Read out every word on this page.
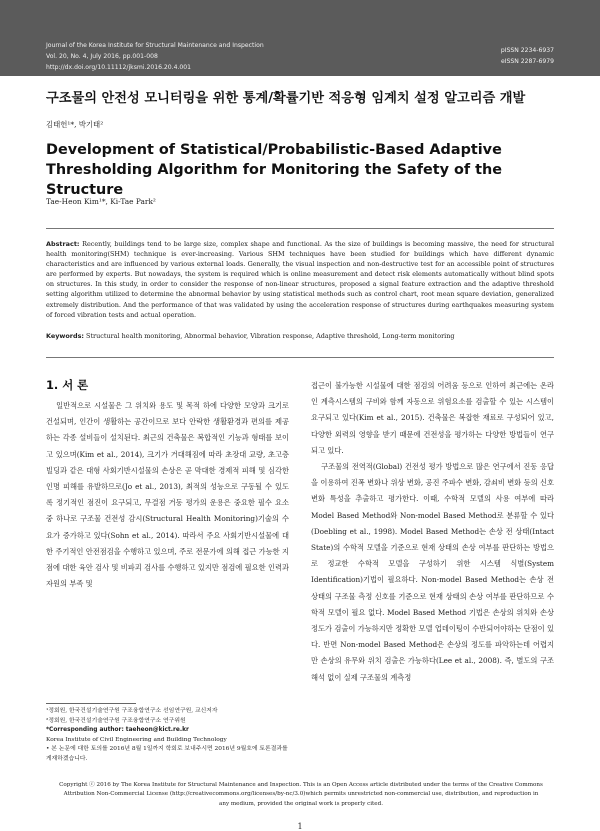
Journal of the Korea Institute for Structural Maintenance and Inspection
Vol. 20, No. 4, July 2016, pp.001-008
http://dx.doi.org/10.11112/jksmi.2016.20.4.001
pISSN 2234-6937
eISSN 2287-6979
구조물의 안전성 모니터링을 위한 통계/확률기반 적응형 임계치 설정 알고리즘 개발
김태헌¹*, 박기태²
Development of Statistical/Probabilistic-Based Adaptive Thresholding Algorithm for Monitoring the Safety of the Structure
Tae-Heon Kim¹*, Ki-Tae Park²
Abstract: Recently, buildings tend to be large size, complex shape and functional. As the size of buildings is becoming massive, the need for structural health monitoring(SHM) technique is ever-increasing. Various SHM techniques have been studied for buildings which have different dynamic characteristics and are influenced by various external loads. Generally, the visual inspection and non-destructive test for an accessible point of structures are performed by experts. But nowadays, the system is required which is online measurement and detect risk elements automatically without blind spots on structures. In this study, in order to consider the response of non-linear structures, proposed a signal feature extraction and the adaptive threshold setting algorithm utilized to determine the abnormal behavior by using statistical methods such as control chart, root mean square deviation, generalized extremely distribution. And the performance of that was validated by using the acceleration response of structures during earthquakes measuring system of forced vibration tests and actual operation.
Keywords: Structural health monitoring, Abnormal behavior, Vibration response, Adaptive threshold, Long-term monitoring
1. 서 론

일반적으로 시설물은 그 위치와 용도 및 목적 하에 다양한 모양과 크기로 건설되며, 인간이 생활하는 공간이므로 보다 안락한 생활환경과 편의를 제공하는 각종 설비들이 설치된다. 최근의 건축물은 복합적인 기능과 형태를 보이고 있으며(Kim et al., 2014), 크기가 거대해짐에 따라 초장대 교량, 초고층 빌딩과 같은 대형 사회기반시설물의 손상은 곧 막대한 경제적 피해 및 심각한 인명 피해를 유발하므로(Jo et al., 2013), 최적의 성능으로 구동될 수 있도록 정기적인 점진이 요구되고, 무결점 거동 평가의 운용은 중요한 필수 요소 중 하나로 구조물 건전성 감시(Structural Health Monitoring)기술의 수요가 증가하고 있다(Sohn et al., 2014). 따라서 주요 사회기반시설물에 대한 주기적인 안전점검을 수행하고 있으며, 주로 전문가에 의해 접근 가능한 지점에 대한 육안 검사 및 비파괴 검사를 수행하고 있지만 점검에 필요한 인력과 자원의 부족 및

접근이 불가능한 시설물에 대한 점검의 어려움 등으로 인하여 최근에는 온라인 계측시스템의 구비와 함께 자동으로 위험요소를 검출할 수 있는 시스템이 요구되고 있다(Kim et al., 2015). 건축물은 복잡한 재료로 구성되어 있고, 다양한 외력의 영향을 받기 때문에 건전성을 평가하는 다양한 방법들이 연구되고 있다.

구조물의 전역적(Global) 건전성 평가 방법으로 많은 연구에서 진동 응답을 이용하여 진폭 변화나 위상 변화, 공진 주파수 변화, 감쇠비 변화 등의 신호 변화 특성을 추출하고 평가한다. 이때, 수학적 모델의 사용 여부에 따라 Model Based Method와 Non-model Based Method로 분류할 수 있다(Doebling et al., 1998). Model Based Method는 손상 전 상태(Intact State)의 수학적 모델을 기준으로 현재 상태의 손상 여부를 판단하는 방법으로 정교한 수학적 모델을 구성하기 위한 시스템 식별(System Identification)기법이 필요하다. Non-model Based Method는 손상 전 상태의 구조물 측정 신호를 기준으로 현재 상태의 손상 여부를 판단하므로 수학적 모델이 필요 없다. Model Based Method 기법은 손상의 위치와 손상 정도가 검출이 가능하지만 정확한 모델 업데이팅이 수반되어야하는 단점이 있다. 반면 Non-model Based Method은 손상의 정도를 파악하는데 어렵지만 손상의 유무와 위치 검출은 가능하다(Lee et al., 2008). 즉, 별도의 구조해석 없이 실제 구조물의 계측정

¹정회원, 한국건설기술연구원 구조융합연구소 선임연구원, 교신저자
²정회원, 한국건설기술연구원 구조융합연구소 연구위원
*Corresponding author: taeheon@kict.re.kr
Korea Institute of Civil Engineering and Building Technology
• 본 논문에 대한 토의를 2016년 8월 1일까지 학회로 보내주시면 2016년 9월호에 토론결과를 게재하겠습니다.
Copyright ⓒ 2016 by The Korea Institute for Structural Maintenance and Inspection. This is an Open Access article distributed under the terms of the Creative Commons Attribution Non-Commercial License (http://creativecommons.org/licenses/by-nc/3.0)which permits unrestricted non-commercial use, distribution, and reproduction in any medium, provided the original work is properly cited.
1
